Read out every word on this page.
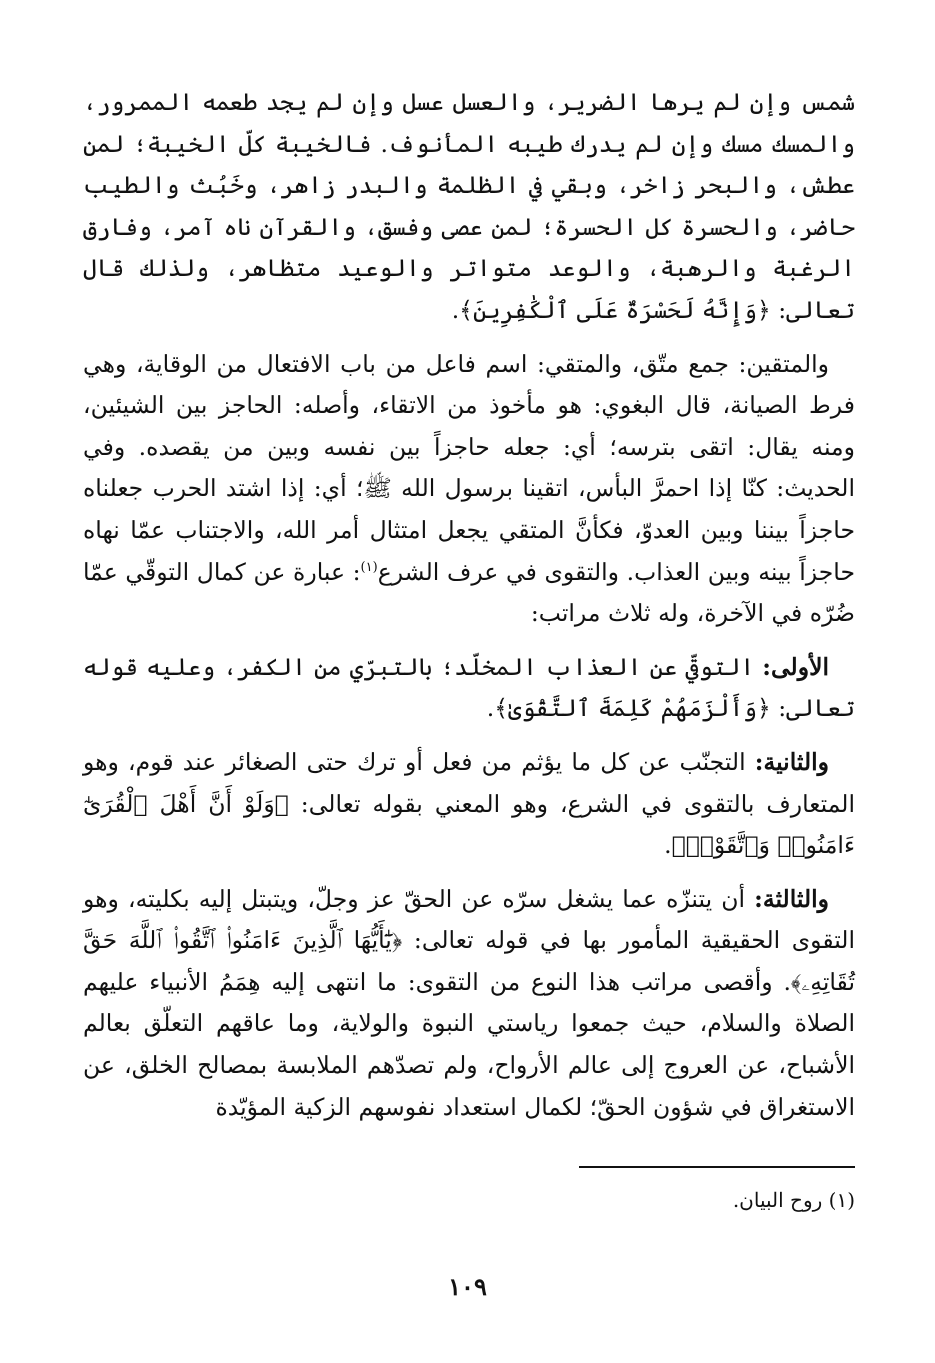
شمس وإن لم يرها الضرير، والعسل عسل وإن لم يجد طعمه الممرور، والمسك مسك وإن لم يدرك طيبه المأنوف. فالخيبة كلّ الخيبة؛ لمن عطش، والبحر زاخر، وبقي في الظلمة والبدر زاهر، وخَبُث والطيب حاضر، والحسرة كل الحسرة؛ لمن عصى وفسق، والقرآن ناه آمر، وفارق الرغبة والرهبة، والوعد متواتر والوعيد متظاهر، ولذلك قال تعالى: ﴿وَإِنَّهُ لَحَسْرَةٌ عَلَى ٱلْكَٰفِرِينَ﴾.

والمتقين: جمع متّق، والمتقي: اسم فاعل من باب الافتعال من الوقاية، وهي فرط الصيانة، قال البغوي: هو مأخوذ من الاتقاء، وأصله: الحاجز بين الشيئين، ومنه يقال: اتقى بترسه؛ أي: جعله حاجزاً بين نفسه وبين من يقصده. وفي الحديث: كنّا إذا احمرَّ البأس، اتقينا برسول الله ﷺ؛ أي: إذا اشتد الحرب جعلناه حاجزاً بيننا وبين العدوّ، فكأنَّ المتقي يجعل امتثال أمر الله، والاجتناب عمّا نهاه حاجزاً بينه وبين العذاب. والتقوى في عرف الشرع$^{(١)}$: عبارة عن كمال التوقّي عمّا ضُرّه في الآخرة، وله ثلاث مراتب:

الأولى: التوقّي عن العذاب المخلّد؛ بالتبرّي من الكفر، وعليه قوله تعالى: ﴿وَأَلْزَمَهُمْ كَلِمَةَ ٱلتَّقْوَىٰ﴾.

والثانية: التجنّب عن كل ما يؤثم من فعل أو ترك حتى الصغائر عند قوم، وهو المتعارف بالتقوى في الشرع، وهو المعني بقوله تعالى: ﴿وَلَوْ أَنَّ أَهْلَ ٱلْقُرَىٰٓ ءَامَنُوا۟ وَٱتَّقَوْا۟﴾.

والثالثة: أن يتنزّه عما يشغل سرّه عن الحقّ عز وجلّ، ويتبتل إليه بكليته، وهو التقوى الحقيقية المأمور بها في قوله تعالى: ﴿يَٰٓأَيُّهَا ٱلَّذِينَ ءَامَنُوا۟ ٱتَّقُوا۟ ٱللَّهَ حَقَّ تُقَاتِهِۦ﴾. وأقصى مراتب هذا النوع من التقوى: ما انتهى إليه هِمَمُ الأنبياء عليهم الصلاة والسلام، حيث جمعوا رياستي النبوة والولاية، وما عاقهم التعلّق بعالم الأشباح، عن العروج إلى عالم الأرواح، ولم تصدّهم الملابسة بمصالح الخلق، عن الاستغراق في شؤون الحقّ؛ لكمال استعداد نفوسهم الزكية المؤيّدة

(١) روح البيان.
١٠٩
